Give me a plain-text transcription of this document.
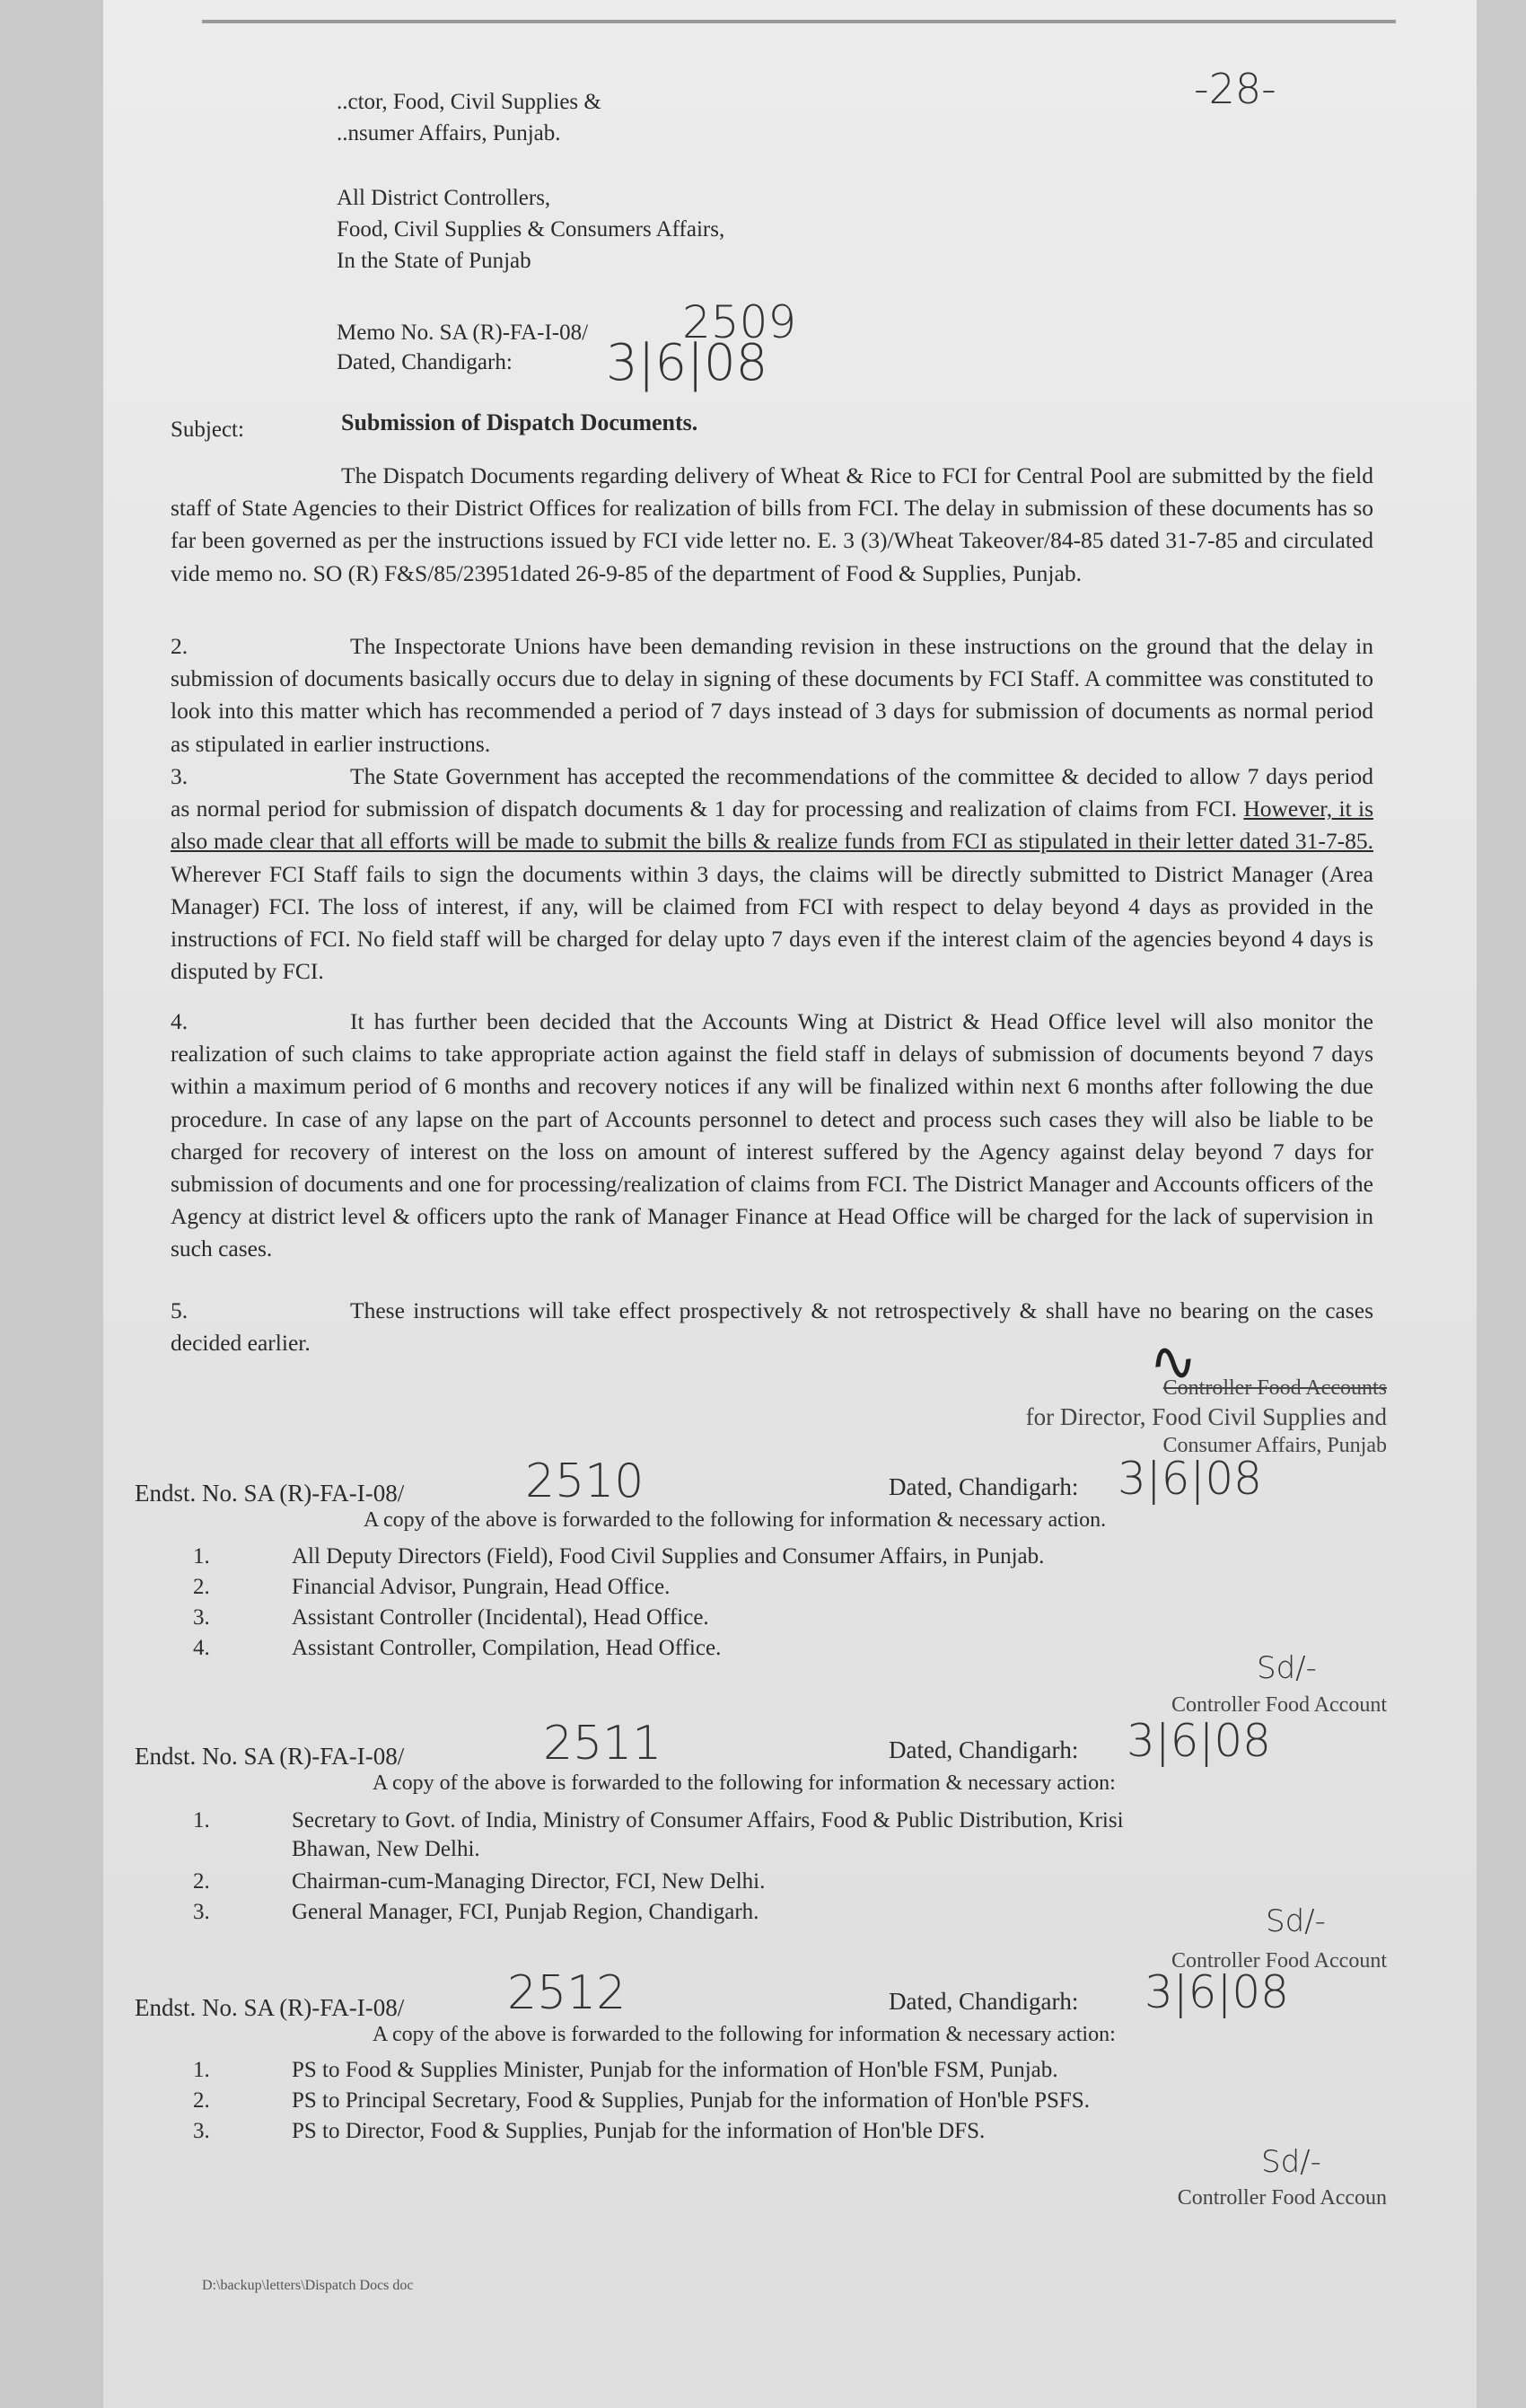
-28-
..ctor, Food, Civil Supplies &
..nsumer Affairs, Punjab.
All District Controllers,
Food, Civil Supplies & Consumers Affairs,
In the State of Punjab
Memo No. SA (R)-FA-I-08/ 2509
Dated, Chandigarh: 3|6|08
Subject:	Submission of Dispatch Documents.
The Dispatch Documents regarding delivery of Wheat & Rice to FCI for Central Pool are submitted by the field staff of State Agencies to their District Offices for realization of bills from FCI. The delay in submission of these documents has so far been governed as per the instructions issued by FCI vide letter no. E. 3 (3)/Wheat Takeover/84-85 dated 31-7-85 and circulated vide memo no. SO (R) F&S/85/23951dated 26-9-85 of the department of Food & Supplies, Punjab.
2.	The Inspectorate Unions have been demanding revision in these instructions on the ground that the delay in submission of documents basically occurs due to delay in signing of these documents by FCI Staff. A committee was constituted to look into this matter which has recommended a period of 7 days instead of 3 days for submission of documents as normal period as stipulated in earlier instructions.
3.	The State Government has accepted the recommendations of the committee & decided to allow 7 days period as normal period for submission of dispatch documents & 1 day for processing and realization of claims from FCI. However, it is also made clear that all efforts will be made to submit the bills & realize funds from FCI as stipulated in their letter dated 31-7-85. Wherever FCI Staff fails to sign the documents within 3 days, the claims will be directly submitted to District Manager (Area Manager) FCI. The loss of interest, if any, will be claimed from FCI with respect to delay beyond 4 days as provided in the instructions of FCI. No field staff will be charged for delay upto 7 days even if the interest claim of the agencies beyond 4 days is disputed by FCI.
4.	It has further been decided that the Accounts Wing at District & Head Office level will also monitor the realization of such claims to take appropriate action against the field staff in delays of submission of documents beyond 7 days within a maximum period of 6 months and recovery notices if any will be finalized within next 6 months after following the due procedure. In case of any lapse on the part of Accounts personnel to detect and process such cases they will also be liable to be charged for recovery of interest on the loss on amount of interest suffered by the Agency against delay beyond 7 days for submission of documents and one for processing/realization of claims from FCI. The District Manager and Accounts officers of the Agency at district level & officers upto the rank of Manager Finance at Head Office will be charged for the lack of supervision in such cases.
5.	These instructions will take effect prospectively & not retrospectively & shall have no bearing on the cases decided earlier.	∿
Controller Food Accounts
for Director, Food Civil Supplies and
Consumer Affairs, Punjab
Endst. No. SA (R)-FA-I-08/	2510	Dated, Chandigarh: 3|6|08
A copy of the above is forwarded to the following for information & necessary action.
1.	All Deputy Directors (Field), Food Civil Supplies and Consumer Affairs, in Punjab.
2.	Financial Advisor, Pungrain, Head Office.
3.	Assistant Controller (Incidental), Head Office.
4.	Assistant Controller, Compilation, Head Office.
Sd/-
Controller Food Account
Endst. No. SA (R)-FA-I-08/	2511	Dated, Chandigarh: 3|6|08
A copy of the above is forwarded to the following for information & necessary action:
1.	Secretary to Govt. of India, Ministry of Consumer Affairs, Food & Public Distribution, Krisi
Bhawan, New Delhi.
2.	Chairman-cum-Managing Director, FCI, New Delhi.
3.	General Manager, FCI, Punjab Region, Chandigarh.	Sd/-
Controller Food Account
Endst. No. SA (R)-FA-I-08/ 2512	Dated, Chandigarh: 3|6|08
A copy of the above is forwarded to the following for information & necessary action:
1.	PS to Food & Supplies Minister, Punjab for the information of Hon'ble FSM, Punjab.
2.	PS to Principal Secretary, Food & Supplies, Punjab for the information of Hon'ble PSFS.
3.	PS to Director, Food & Supplies, Punjab for the information of Hon'ble DFS.
Sd/-
Controller Food Accoun
D:\backup\letters\Dispatch Docs doc
